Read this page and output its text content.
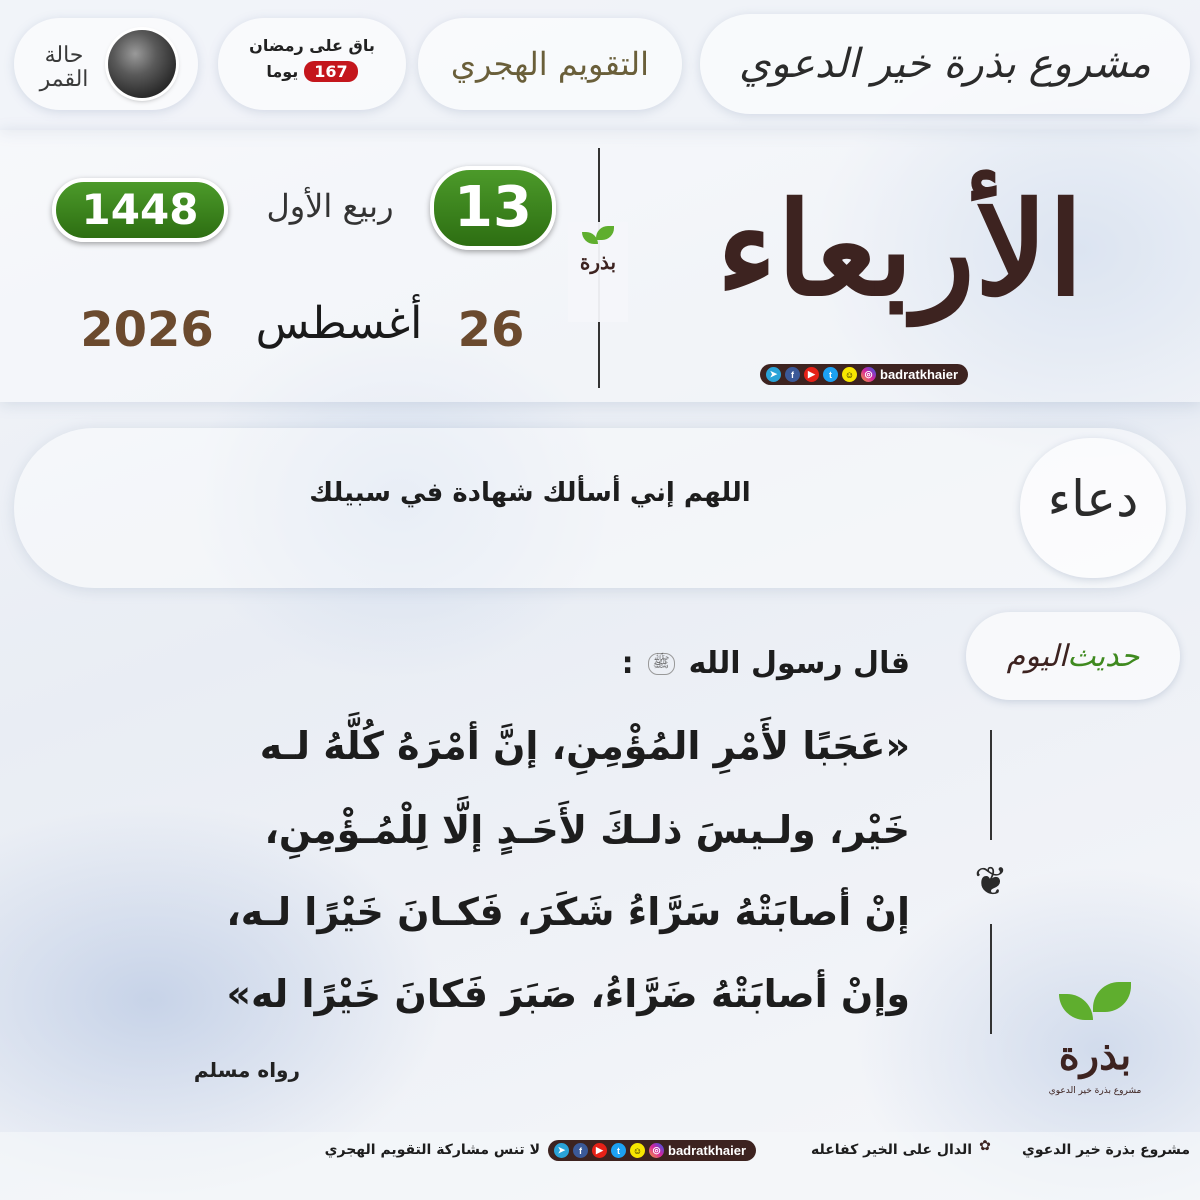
مشروع بذرة خير الدعوي
التقويم الهجري
باق على رمضان
167
يوما
حالة القمر
الأربعاء
➤	f	▶	t	☺	◎ badratkhaier
بذرة
13
ربيع الأول
1448
26
أغسطس
2026
دعاء
اللهم إني أسألك شهادة في سبيلك
حديث
اليوم
قال رسول الله
ﷺ
:
«عَجَبًا لأَمْرِ المُؤْمِنِ، إنَّ أمْرَهُ كُلَّهُ لـه
خَيْر، ولـيسَ ذلـكَ لأَحَـدٍ إلَّا لِلْمُـؤْمِنِ،
إنْ أصابَتْهُ سَرَّاءُ شَكَرَ، فَكـانَ خَيْرًا لـه،
وإنْ أصابَتْهُ ضَرَّاءُ، صَبَرَ فَكانَ خَيْرًا له»
رواه مسلم
❦
بذرة
مشروع بذرة خير الدعوي
مشروع بذرة خير الدعوي
✿
الدال على الخير كفاعله
➤	f	▶	t	☺	◎ badratkhaier
لا تنس مشاركة التقويم الهجري
